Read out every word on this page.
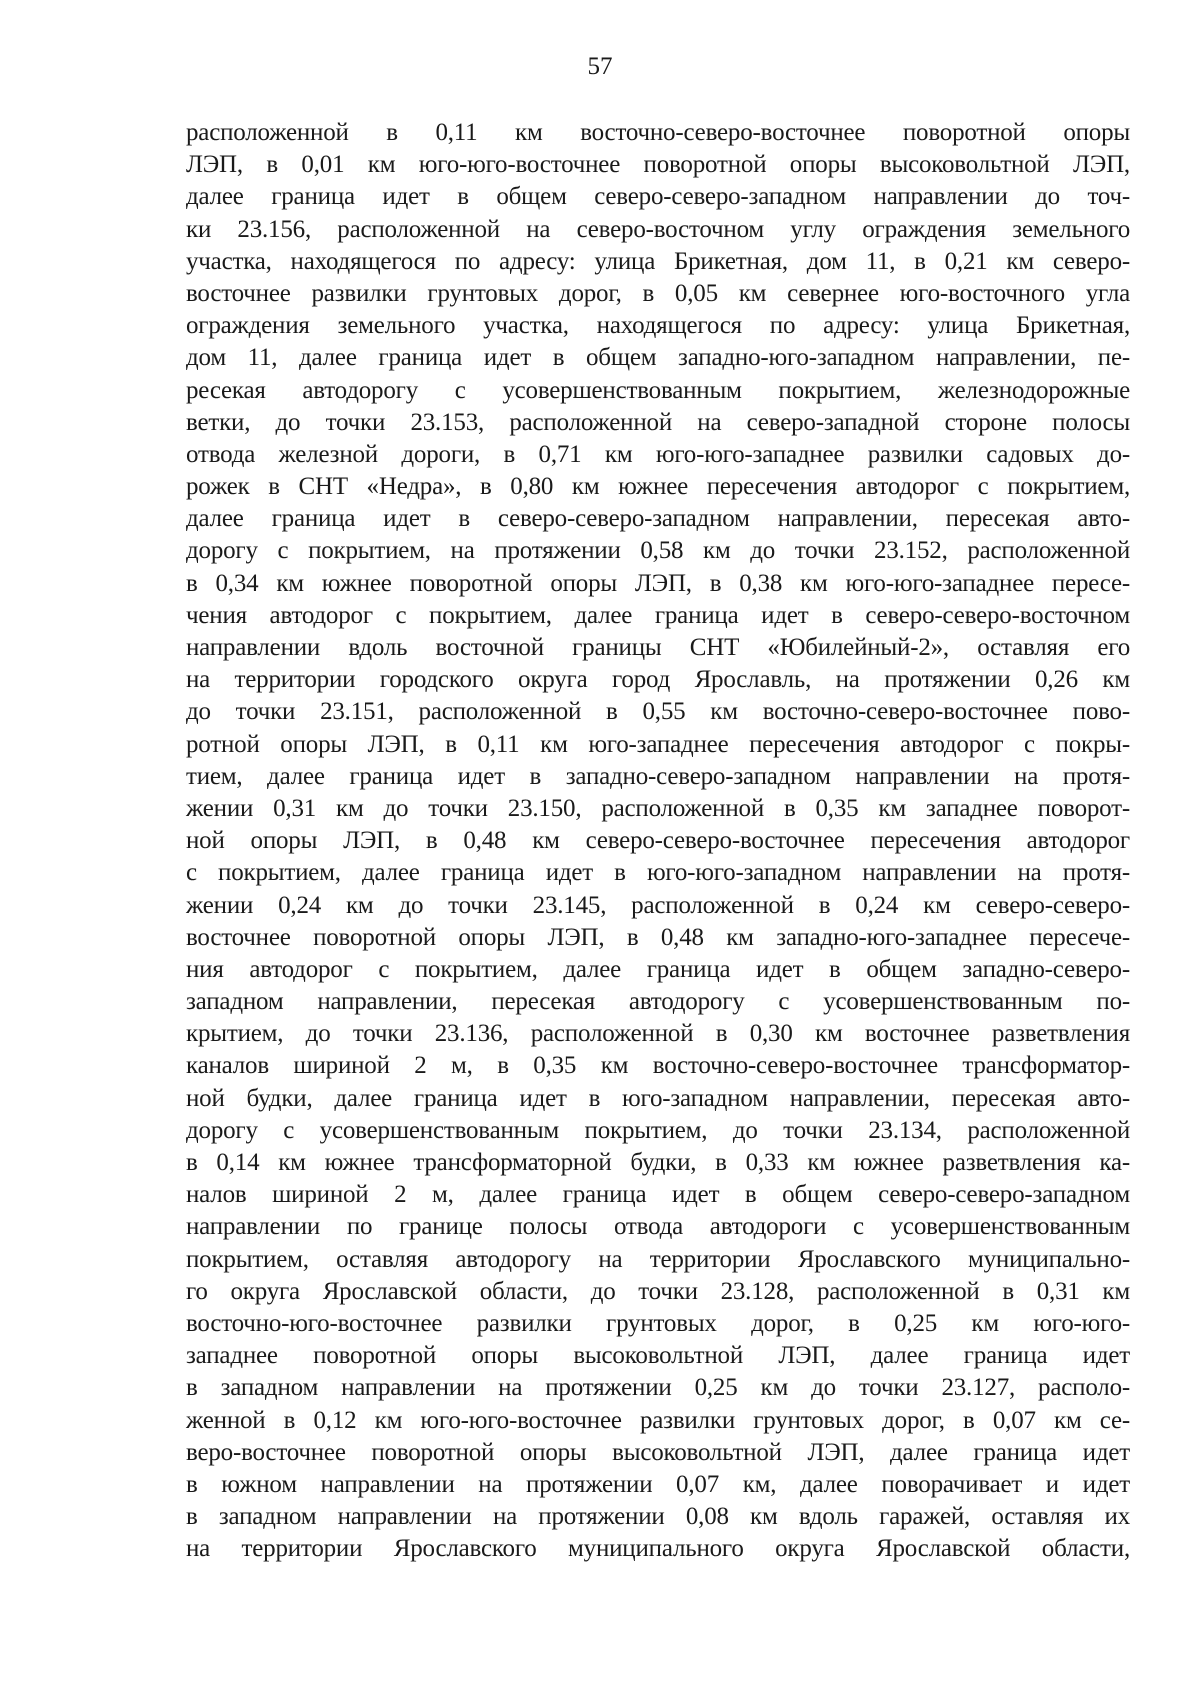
57
расположенной в 0,11 км восточно-северо-восточнее поворотной опоры
ЛЭП, в 0,01 км юго-юго-восточнее поворотной опоры высоковольтной ЛЭП,
далее граница идет в общем северо-северо-западном направлении до точ-
ки 23.156, расположенной на северо-восточном углу ограждения земельного
участка, находящегося по адресу: улица Брикетная, дом 11, в 0,21 км северо-
восточнее развилки грунтовых дорог, в 0,05 км севернее юго-восточного угла
ограждения земельного участка, находящегося по адресу: улица Брикетная,
дом 11, далее граница идет в общем западно-юго-западном направлении, пе-
ресекая автодорогу с усовершенствованным покрытием, железнодорожные
ветки, до точки 23.153, расположенной на северо-западной стороне полосы
отвода железной дороги, в 0,71 км юго-юго-западнее развилки садовых до-
рожек в СНТ «Недра», в 0,80 км южнее пересечения автодорог с покрытием,
далее граница идет в северо-северо-западном направлении, пересекая авто-
дорогу с покрытием, на протяжении 0,58 км до точки 23.152, расположенной
в 0,34 км южнее поворотной опоры ЛЭП, в 0,38 км юго-юго-западнее пересе-
чения автодорог с покрытием, далее граница идет в северо-северо-восточном
направлении вдоль восточной границы СНТ «Юбилейный-2», оставляя его
на территории городского округа город Ярославль, на протяжении 0,26 км
до точки 23.151, расположенной в 0,55 км восточно-северо-восточнее пово-
ротной опоры ЛЭП, в 0,11 км юго-западнее пересечения автодорог с покры-
тием, далее граница идет в западно-северо-западном направлении на протя-
жении 0,31 км до точки 23.150, расположенной в 0,35 км западнее поворот-
ной опоры ЛЭП, в 0,48 км северо-северо-восточнее пересечения автодорог
с покрытием, далее граница идет в юго-юго-западном направлении на протя-
жении 0,24 км до точки 23.145, расположенной в 0,24 км северо-северо-
восточнее поворотной опоры ЛЭП, в 0,48 км западно-юго-западнее пересече-
ния автодорог с покрытием, далее граница идет в общем западно-северо-
западном направлении, пересекая автодорогу с усовершенствованным по-
крытием, до точки 23.136, расположенной в 0,30 км восточнее разветвления
каналов шириной 2 м, в 0,35 км восточно-северо-восточнее трансформатор-
ной будки, далее граница идет в юго-западном направлении, пересекая авто-
дорогу с усовершенствованным покрытием, до точки 23.134, расположенной
в 0,14 км южнее трансформаторной будки, в 0,33 км южнее разветвления ка-
налов шириной 2 м, далее граница идет в общем северо-северо-западном
направлении по границе полосы отвода автодороги с усовершенствованным
покрытием, оставляя автодорогу на территории Ярославского муниципально-
го округа Ярославской области, до точки 23.128, расположенной в 0,31 км
восточно-юго-восточнее развилки грунтовых дорог, в 0,25 км юго-юго-
западнее поворотной опоры высоковольтной ЛЭП, далее граница идет
в западном направлении на протяжении 0,25 км до точки 23.127, располо-
женной в 0,12 км юго-юго-восточнее развилки грунтовых дорог, в 0,07 км се-
веро-восточнее поворотной опоры высоковольтной ЛЭП, далее граница идет
в южном направлении на протяжении 0,07 км, далее поворачивает и идет
в западном направлении на протяжении 0,08 км вдоль гаражей, оставляя их
на территории Ярославского муниципального округа Ярославской области,
